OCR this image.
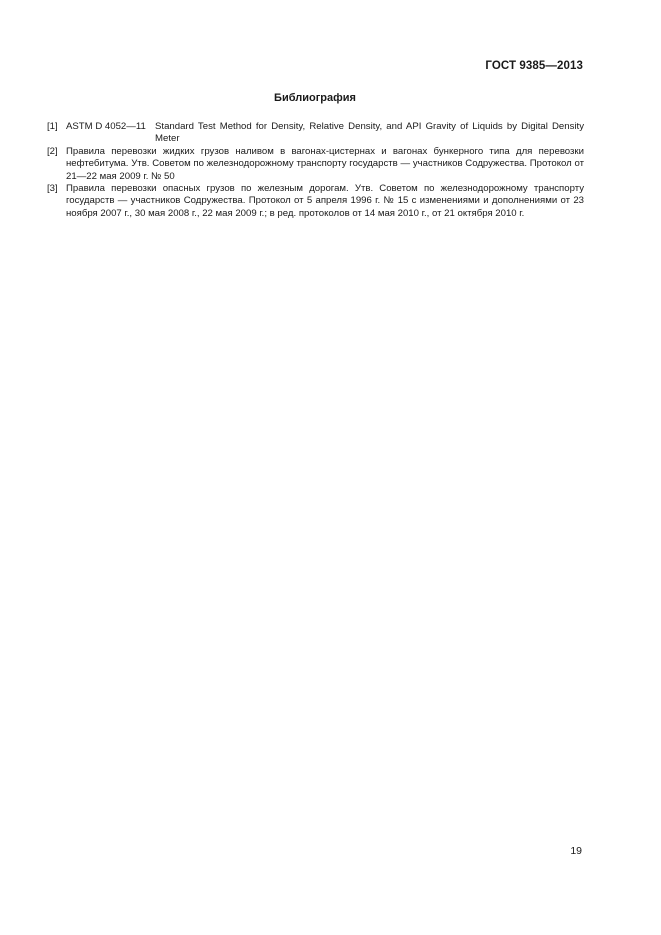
ГОСТ 9385—2013
Библиография
[1] ASTM D 4052—11 Standard Test Method for Density, Relative Density, and API Gravity of Liquids by Digital Density Meter
[2] Правила перевозки жидких грузов наливом в вагонах-цистернах и вагонах бункерного типа для перевозки нефтебитума. Утв. Советом по железнодорожному транспорту государств — участников Содружества. Протокол от 21—22 мая 2009 г. № 50
[3] Правила перевозки опасных грузов по железным дорогам. Утв. Советом по железнодорожному транспорту государств — участников Содружества. Протокол от 5 апреля 1996 г. № 15 с изменениями и дополнениями от 23 ноября 2007 г., 30 мая 2008 г., 22 мая 2009 г.; в ред. протоколов от 14 мая 2010 г., от 21 октября 2010 г.
19
